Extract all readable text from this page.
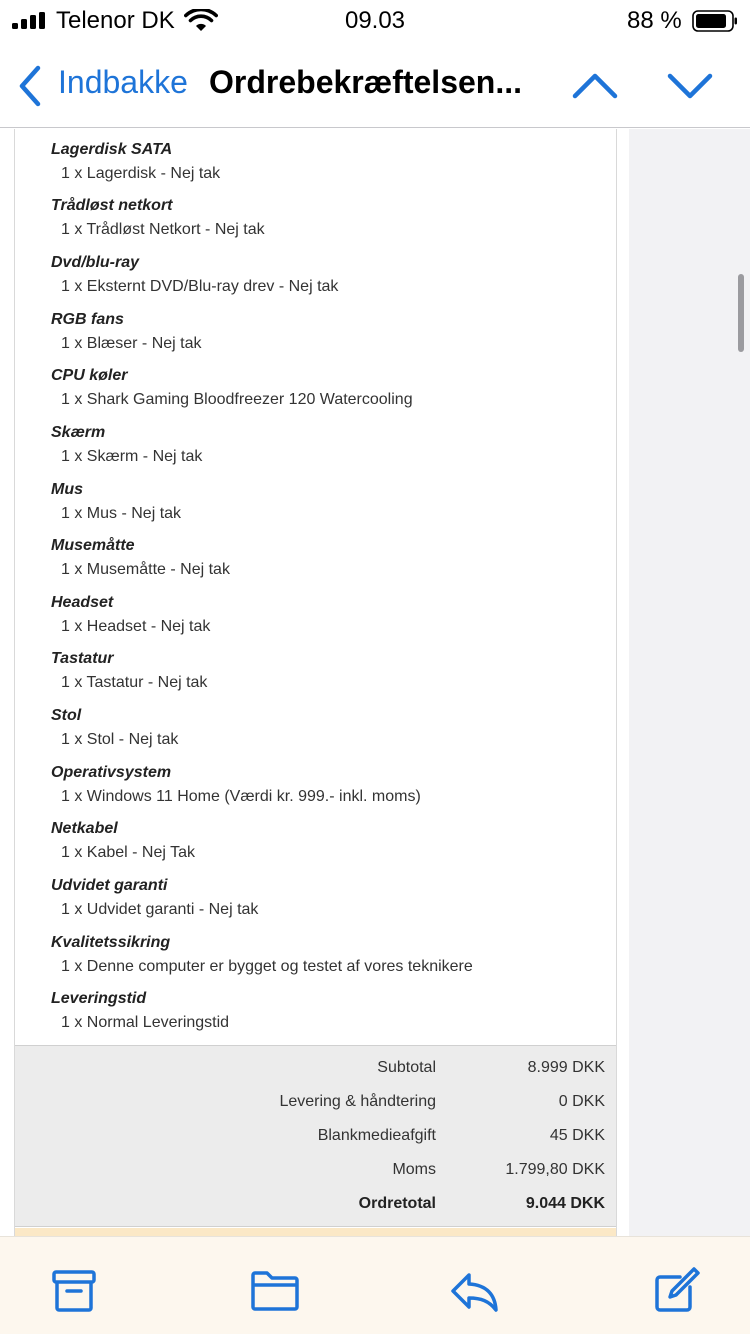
Telenor DK	09.03	88 %
Indbakke Ordrebekræftelsen...
Lagerdisk SATA
1 x Lagerdisk - Nej tak
Trådløst netkort
1 x Trådløst Netkort - Nej tak
Dvd/blu-ray
1 x Eksternt DVD/Blu-ray drev - Nej tak
RGB fans
1 x Blæser - Nej tak
CPU køler
1 x Shark Gaming Bloodfreezer 120 Watercooling
Skærm
1 x Skærm - Nej tak
Mus
1 x Mus - Nej tak
Musemåtte
1 x Musemåtte - Nej tak
Headset
1 x Headset - Nej tak
Tastatur
1 x Tastatur - Nej tak
Stol
1 x Stol - Nej tak
Operativsystem
1 x Windows 11 Home (Værdi kr. 999.- inkl. moms)
Netkabel
1 x Kabel - Nej Tak
Udvidet garanti
1 x Udvidet garanti - Nej tak
Kvalitetssikring
1 x Denne computer er bygget og testet af vores teknikere
Leveringstid
1 x Normal Leveringstid
Subtotal	8.999 DKK
Levering & håndtering	0 DKK
Blankmedieafgift	45 DKK
Moms	1.799,80 DKK
Ordretotal	9.044 DKK
